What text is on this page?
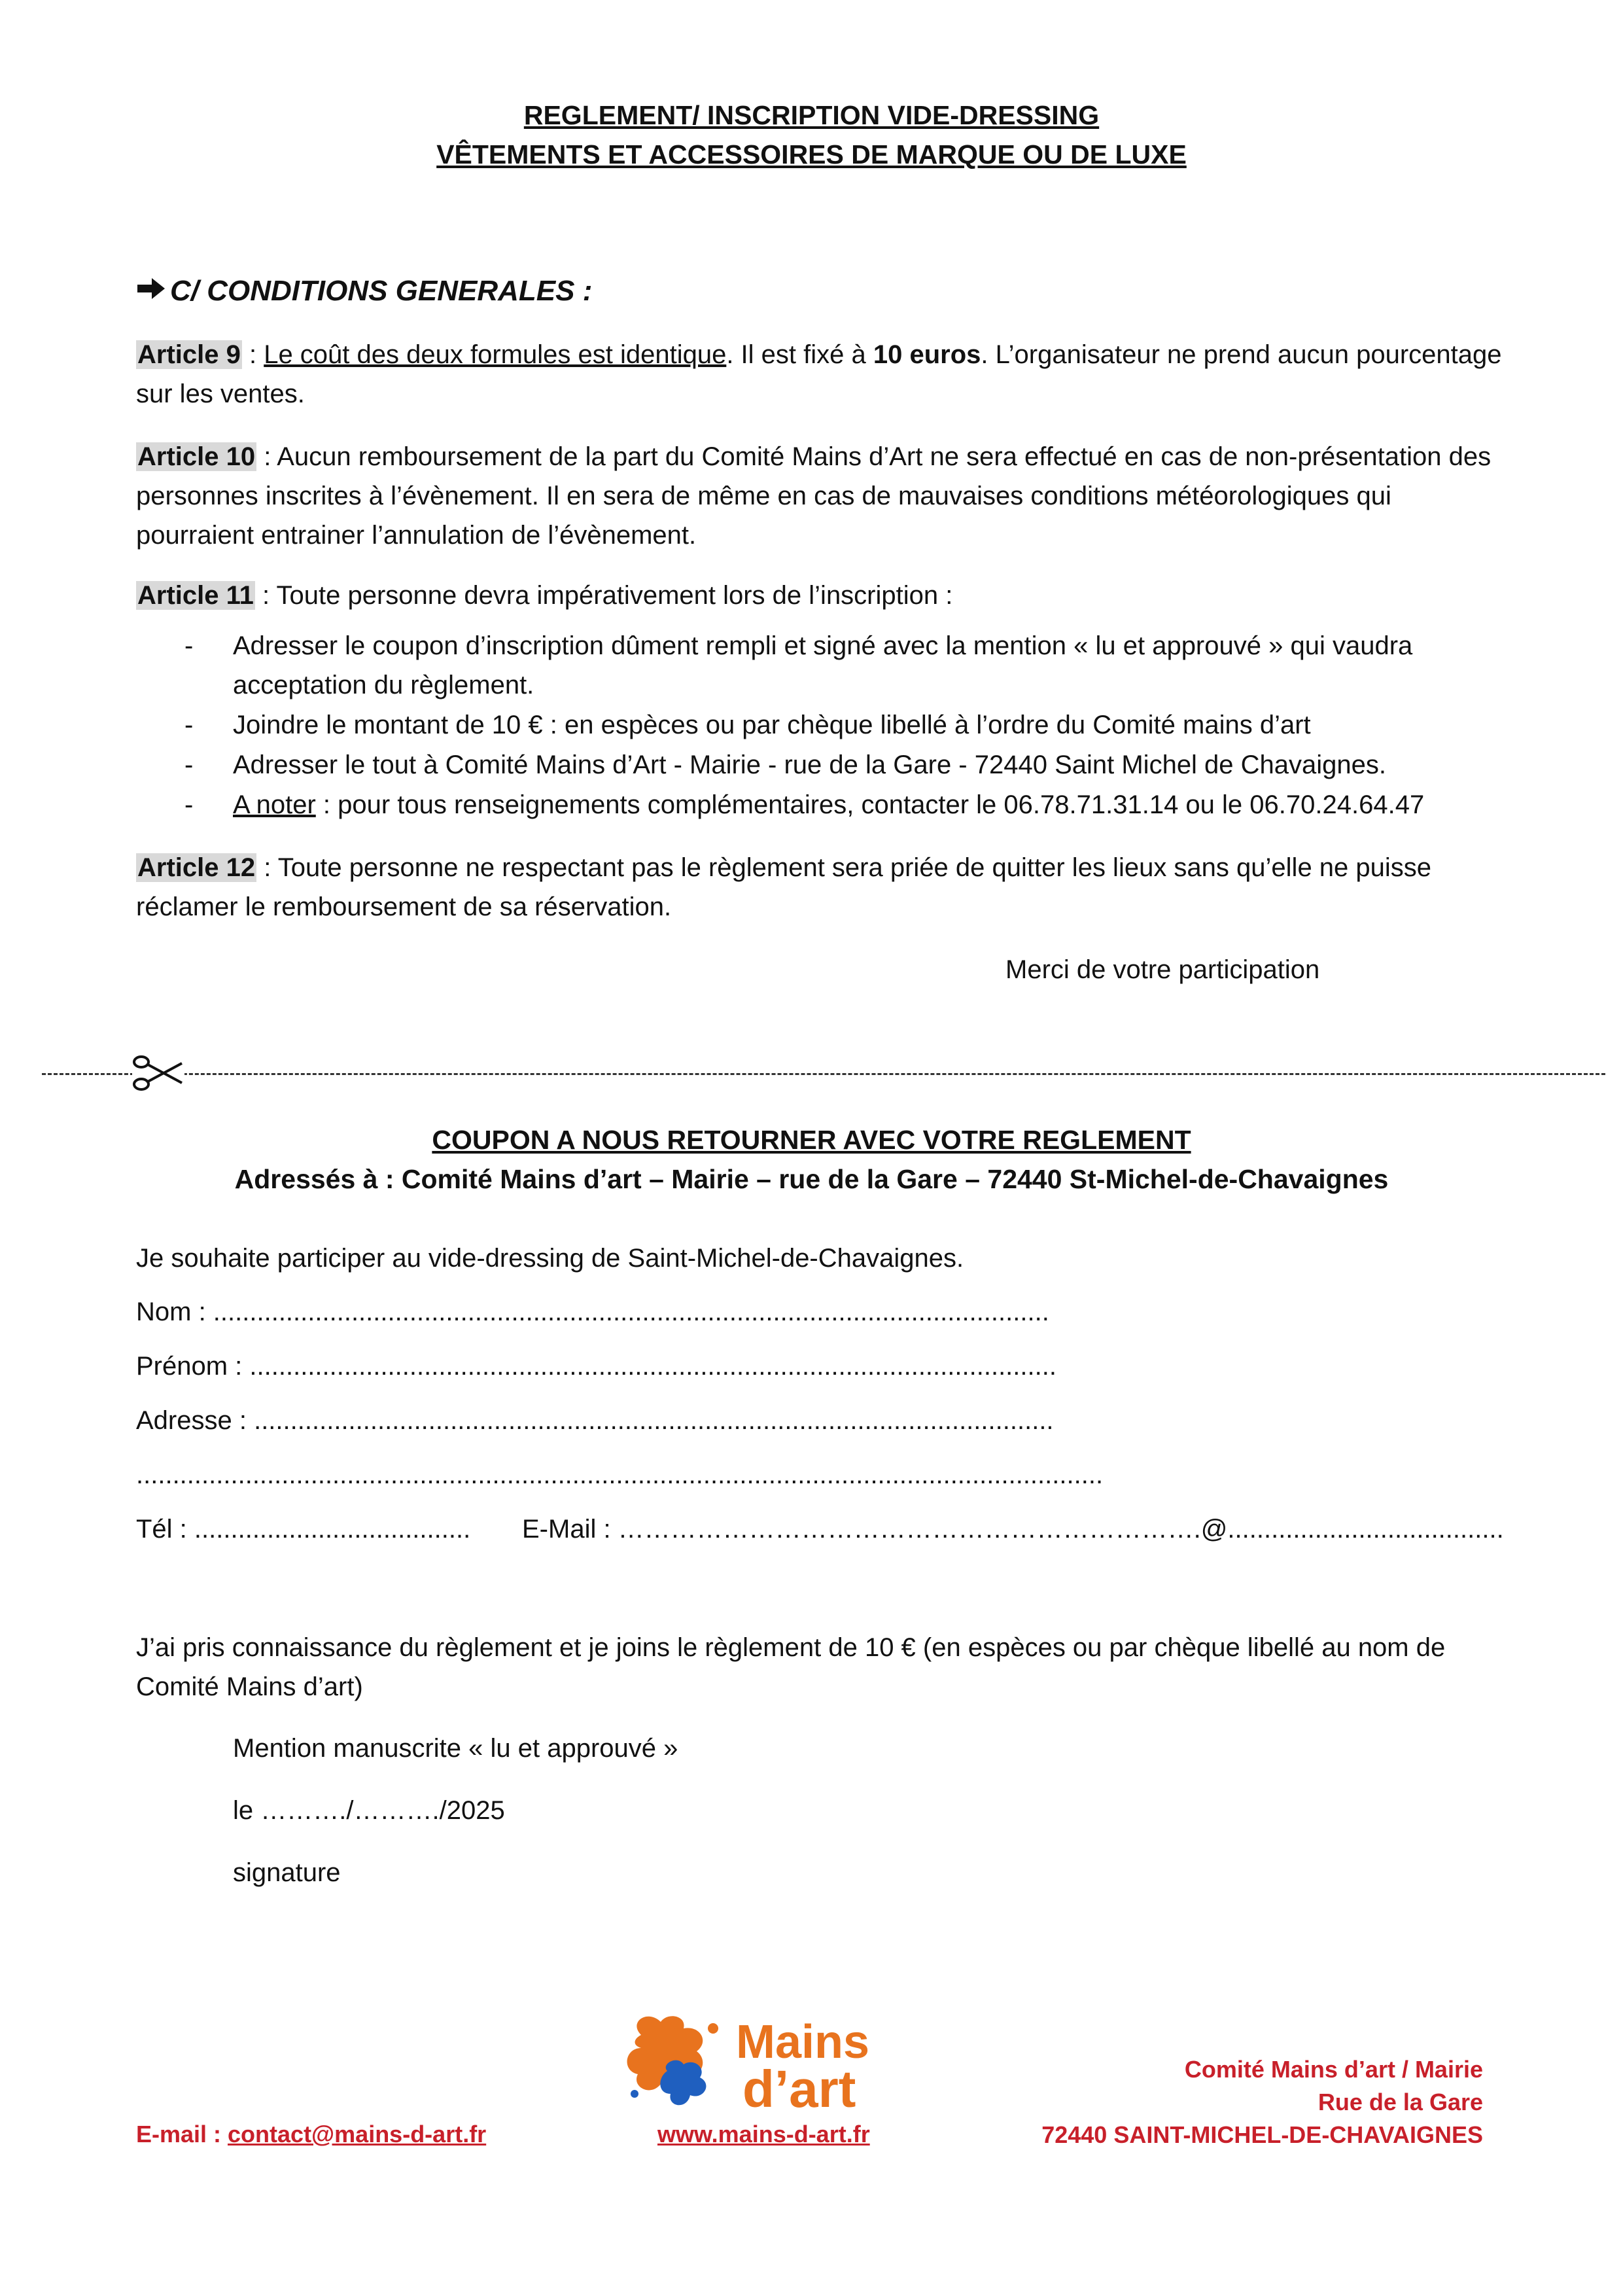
REGLEMENT/ INSCRIPTION VIDE-DRESSING
VÊTEMENTS ET ACCESSOIRES DE MARQUE OU DE LUXE
C/ CONDITIONS GENERALES :
Article 9 : Le coût des deux formules est identique. Il est fixé à 10 euros. L’organisateur ne prend aucun pourcentage sur les ventes.
Article 10 : Aucun remboursement de la part du Comité Mains d’Art ne sera effectué en cas de non-présentation des personnes inscrites à l’évènement. Il en sera de même en cas de mauvaises conditions météorologiques qui pourraient entrainer l’annulation de l’évènement.
Article 11 : Toute personne devra impérativement lors de l’inscription :
-	Adresser le coupon d’inscription dûment rempli et signé avec la mention « lu et approuvé » qui vaudra acceptation du règlement.
-	Joindre le montant de 10 € : en espèces ou par chèque libellé à l’ordre du Comité mains d’art
-	Adresser le tout à Comité Mains d’Art - Mairie - rue de la Gare - 72440 Saint Michel de Chavaignes.
-	A noter : pour tous renseignements complémentaires, contacter le 06.78.71.31.14 ou le 06.70.24.64.47
Article 12 : Toute personne ne respectant pas le règlement sera priée de quitter les lieux sans qu’elle ne puisse réclamer le remboursement de sa réservation.
Merci de votre participation
COUPON A NOUS RETOURNER AVEC VOTRE REGLEMENT
Adressés à : Comité Mains d’art – Mairie – rue de la Gare – 72440 St-Michel-de-Chavaignes
Je souhaite participer au vide-dressing de Saint-Michel-de-Chavaignes.
Nom : ...................................................................................................................
Prénom : ...............................................................................................................
Adresse : ..............................................................................................................
.....................................................................................................................................
Tél : ...................................... E-Mail : ………………………………………………………….@......................................
J’ai pris connaissance du règlement et je joins le règlement de 10 € (en espèces ou par chèque libellé au nom de Comité Mains d’art)
Mention manuscrite « lu et approuvé »
le ………./………./2025
signature
Mains
d’art
E-mail : contact@mains-d-art.fr	www.mains-d-art.fr
Comité Mains d’art / Mairie
Rue de la Gare
72440 SAINT-MICHEL-DE-CHAVAIGNES
